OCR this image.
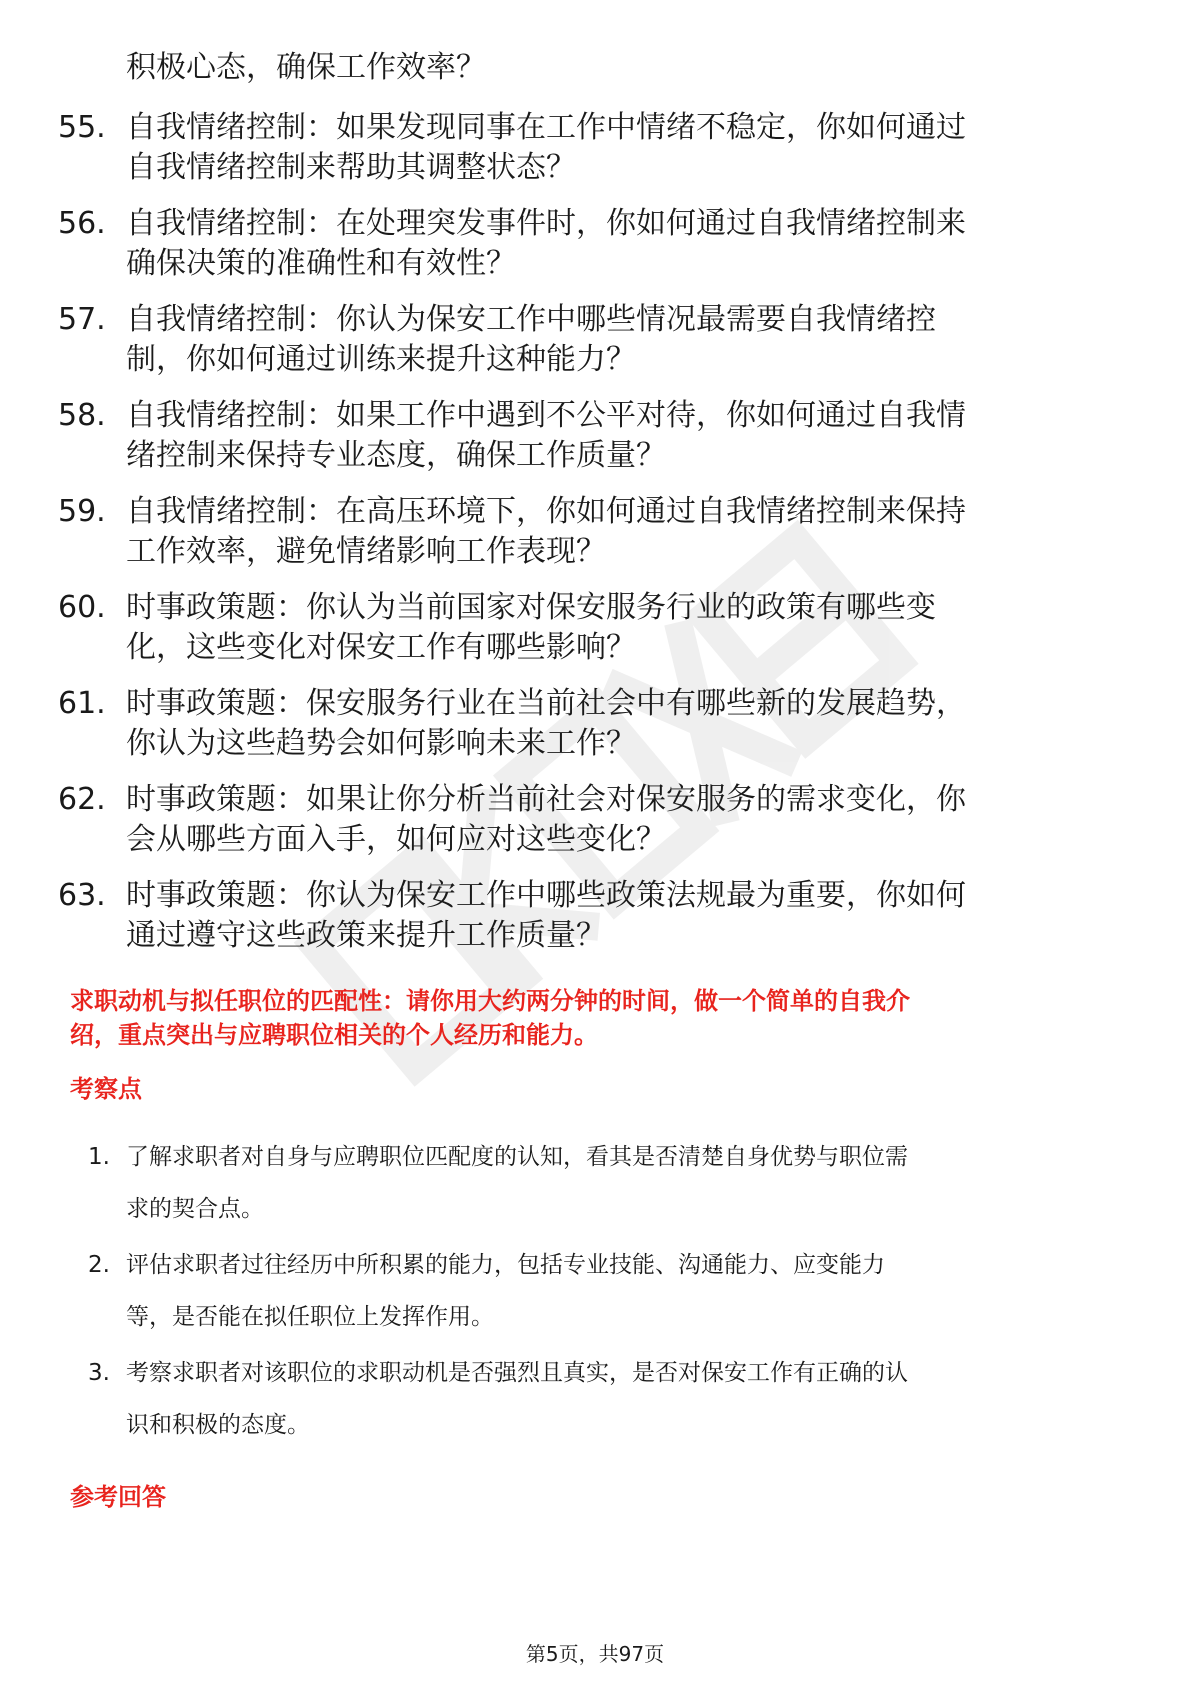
积极心态，确保工作效率？
55. 自我情绪控制：如果发现同事在工作中情绪不稳定，你如何通过
自我情绪控制来帮助其调整状态？
56. 自我情绪控制：在处理突发事件时，你如何通过自我情绪控制来
确保决策的准确性和有效性？
57. 自我情绪控制：你认为保安工作中哪些情况最需要自我情绪控
制，你如何通过训练来提升这种能力？
58. 自我情绪控制：如果工作中遇到不公平对待，你如何通过自我情
绪控制来保持专业态度，确保工作质量？
59. 自我情绪控制：在高压环境下，你如何通过自我情绪控制来保持
工作效率，避免情绪影响工作表现？
60. 时事政策题：你认为当前国家对保安服务行业的政策有哪些变
化，这些变化对保安工作有哪些影响？
61. 时事政策题：保安服务行业在当前社会中有哪些新的发展趋势，
你认为这些趋势会如何影响未来工作？
62. 时事政策题：如果让你分析当前社会对保安服务的需求变化，你
会从哪些方面入手，如何应对这些变化？
63. 时事政策题：你认为保安工作中哪些政策法规最为重要，你如何
通过遵守这些政策来提升工作质量？
求职动机与拟任职位的匹配性：请你用大约两分钟的时间，做一个简单的自我介
绍，重点突出与应聘职位相关的个人经历和能力。
考察点
1. 了解求职者对自身与应聘职位匹配度的认知，看其是否清楚自身优势与职位需
求的契合点。
2. 评估求职者过往经历中所积累的能力，包括专业技能、沟通能力、应变能力
等，是否能在拟任职位上发挥作用。
3. 考察求职者对该职位的求职动机是否强烈且真实，是否对保安工作有正确的认
识和积极的态度。
参考回答
第5页，共97页
